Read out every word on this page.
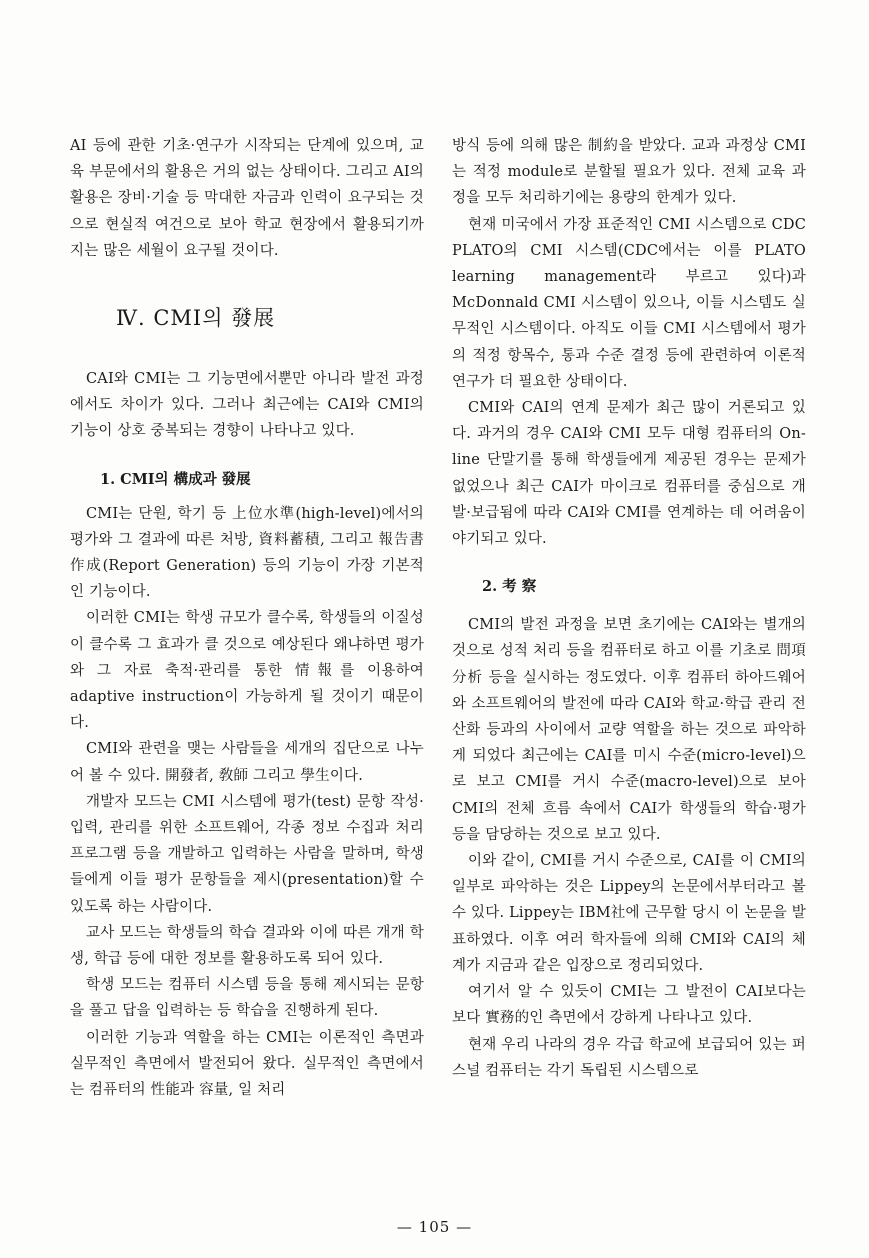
AI 등에 관한 기초·연구가 시작되는 단계에 있으며, 교육 부문에서의 활용은 거의 없는 상태이다. 그리고 AI의 활용은 장비·기술 등 막대한 자금과 인력이 요구되는 것으로 현실적 여건으로 보아 학교 현장에서 활용되기까지는 많은 세월이 요구될 것이다.

Ⅳ. CMI의 發展

CAI와 CMI는 그 기능면에서뿐만 아니라 발전 과정에서도 차이가 있다. 그러나 최근에는 CAI와 CMI의 기능이 상호 중복되는 경향이 나타나고 있다.

1. CMI의 構成과 發展

CMI는 단원, 학기 등 上位水準(high-level)에서의 평가와 그 결과에 따른 처방, 資料蓄積, 그리고 報告書作成(Report Generation) 등의 기능이 가장 기본적인 기능이다.

이러한 CMI는 학생 규모가 클수록, 학생들의 이질성이 클수록 그 효과가 클 것으로 예상된다 왜냐하면 평가와 그 자료 축적·관리를 통한 情報를 이용하여 adaptive instruction이 가능하게 될 것이기 때문이다.

CMI와 관련을 맺는 사람들을 세개의 집단으로 나누어 볼 수 있다. 開發者, 敎師 그리고 學生이다.

개발자 모드는 CMI 시스템에 평가(test) 문항 작성·입력, 관리를 위한 소프트웨어, 각종 정보 수집과 처리 프로그램 등을 개발하고 입력하는 사람을 말하며, 학생들에게 이들 평가 문항들을 제시(presentation)할 수 있도록 하는 사람이다.

교사 모드는 학생들의 학습 결과와 이에 따른 개개 학생, 학급 등에 대한 정보를 활용하도록 되어 있다.

학생 모드는 컴퓨터 시스템 등을 통해 제시되는 문항을 풀고 답을 입력하는 등 학습을 진행하게 된다.

이러한 기능과 역할을 하는 CMI는 이론적인 측면과 실무적인 측면에서 발전되어 왔다. 실무적인 측면에서는 컴퓨터의 性能과 容量, 일 처리

방식 등에 의해 많은 制約을 받았다. 교과 과정상 CMI는 적정 module로 분할될 필요가 있다. 전체 교육 과정을 모두 처리하기에는 용량의 한계가 있다.

현재 미국에서 가장 표준적인 CMI 시스템으로 CDC PLATO의 CMI 시스템(CDC에서는 이를 PLATO learning management라 부르고 있다)과 McDonnald CMI 시스템이 있으나, 이들 시스템도 실무적인 시스템이다. 아직도 이들 CMI 시스템에서 평가의 적정 항목수, 통과 수준 결정 등에 관련하여 이론적 연구가 더 필요한 상태이다.

CMI와 CAI의 연계 문제가 최근 많이 거론되고 있다. 과거의 경우 CAI와 CMI 모두 대형 컴퓨터의 On-line 단말기를 통해 학생들에게 제공된 경우는 문제가 없었으나 최근 CAI가 마이크로 컴퓨터를 중심으로 개발·보급됨에 따라 CAI와 CMI를 연계하는 데 어려움이 야기되고 있다.

2. 考 察

CMI의 발전 과정을 보면 초기에는 CAI와는 별개의 것으로 성적 처리 등을 컴퓨터로 하고 이를 기초로 問項分析 등을 실시하는 정도였다. 이후 컴퓨터 하아드웨어와 소프트웨어의 발전에 따라 CAI와 학교·학급 관리 전산화 등과의 사이에서 교량 역할을 하는 것으로 파악하게 되었다 최근에는 CAI를 미시 수준(micro-level)으로 보고 CMI를 거시 수준(macro-level)으로 보아 CMI의 전체 흐름 속에서 CAI가 학생들의 학습·평가 등을 담당하는 것으로 보고 있다.

이와 같이, CMI를 거시 수준으로, CAI를 이 CMI의 일부로 파악하는 것은 Lippey의 논문에서부터라고 볼 수 있다. Lippey는 IBM社에 근무할 당시 이 논문을 발표하였다. 이후 여러 학자들에 의해 CMI와 CAI의 체계가 지금과 같은 입장으로 정리되었다.

여기서 알 수 있듯이 CMI는 그 발전이 CAI보다는 보다 實務的인 측면에서 강하게 나타나고 있다.

현재 우리 나라의 경우 각급 학교에 보급되어 있는 퍼스널 컴퓨터는 각기 독립된 시스템으로

— 105 —
